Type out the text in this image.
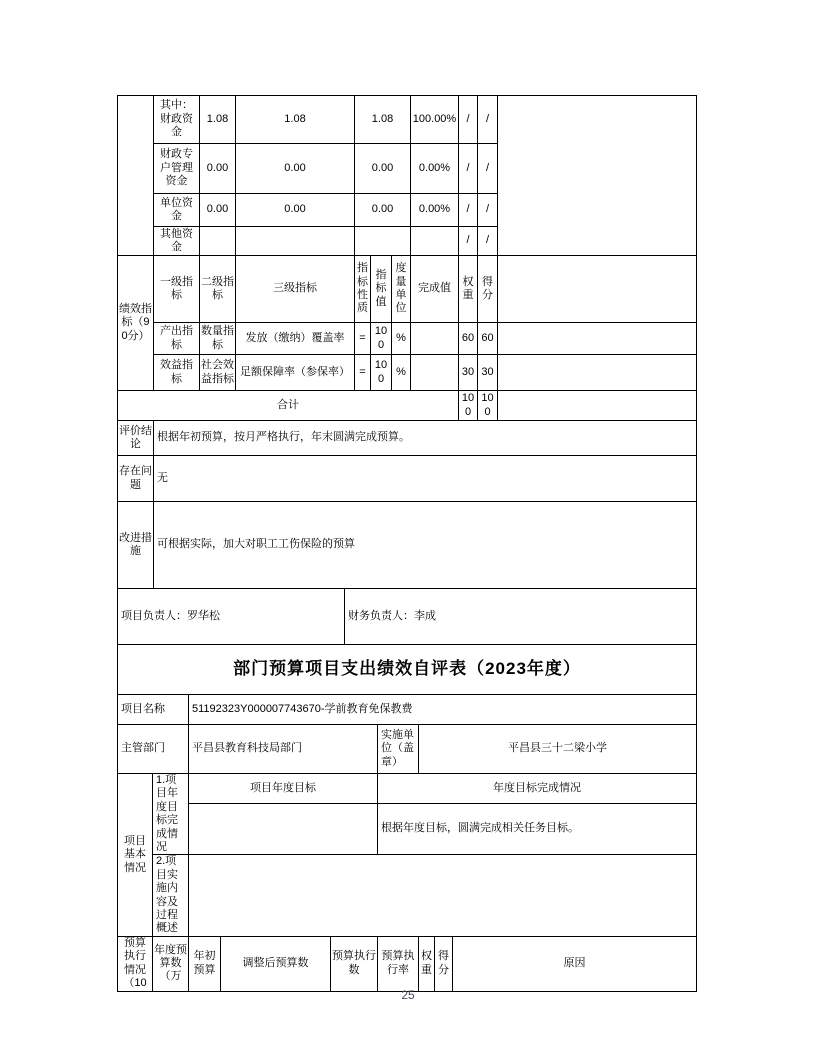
	其中：财政资金	1.08	1.08	1.08			100.00%	/	/	
	财政专户管理资金	0.00	0.00	0.00			0.00%	/	/	
	单位资金	0.00	0.00	0.00			0.00%	/	/	
	其他资金							/	/	
绩效指标（90分）	一级指标	二级指标	三级指标	指标性质	指标值	度量单位	完成值	权重	得分	
	产出指标	数量指标	发放（缴纳）覆盖率	=	100	%		60	60	
	效益指标	社会效益指标	足额保障率（参保率）	=	100	%		30	30	
合计								100	100	
评价结论	根据年初预算，按月严格执行，年末圆满完成预算。									
存在问题	无									
改进措施	可根据实际，加大对职工工伤保险的预算									
项目负责人：罗华松	财务负责人：李成
部门预算项目支出绩效自评表（2023年度）
项目名称		51192323Y000007743670-学前教育免保教费						
主管部门		平昌县教育科技局部门			实施单位（盖章）	平昌县三十二梁小学		
项目基本情况	1.项目年度目标完成情况	项目年度目标			年度目标完成情况			
					根据年度目标，圆满完成相关任务目标。			
	2.项目实施内容及过程概述							
预算执行情况（10	年度预算数（万	年初预算	调整后预算数	预算执行数	预算执行率	权重	得分	原因
25
